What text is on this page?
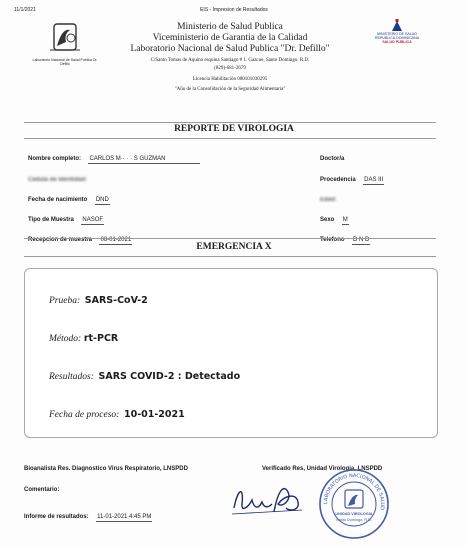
11/1/2021	EIS - Impresion de Resultados
Laboratorio Nacional de Salud Publica Dr. Defillo
MINISTERIO DE SALUD
REPUBLICA DOMINICANA
SALUD PUBLICA
Ministerio de Salud Publica
Viceministerio de Garantia de la Calidad
Laboratorio Nacional de Salud Publica "Dr. Defillo"
C/Santo Tomas de Aquino esquina Santiago # 1. Gazcue, Santo Domingo. R.D.
(829)-681-2679
Licencia Habilitación 000101030295
"Año de la Consolidación de la Seguridad Alimentaria"
REPORTE DE VIROLOGIA
Nombre completo: CARLOS M·· · · S GUZMAN	Doctor/a
Cedula de Identidad:	Procedencia DAS III
Fecha de nacimiento DND	Edad:
Tipo de Muestra NASOF	Sexo M
Recepcion de muestra 08-01-2021	Telefono D N D
EMERGENCIA X
Prueba: SARS-CoV-2
Método: rt-PCR
Resultados: SARS COVID-2 : Detectado
Fecha de proceso: 10-01-2021
Bioanalista Res. Diagnostico Virus Respiratorio, LNSPDD	Verificado Res, Unidad Virologia, LNSPDD
Comentario:
Informe de resultados: 11-01-2021 4:45 PM
LABORATORIO NACIONAL DE SALUD
UNIDAD VIROLOGIA
Santo Domingo, R.D.
